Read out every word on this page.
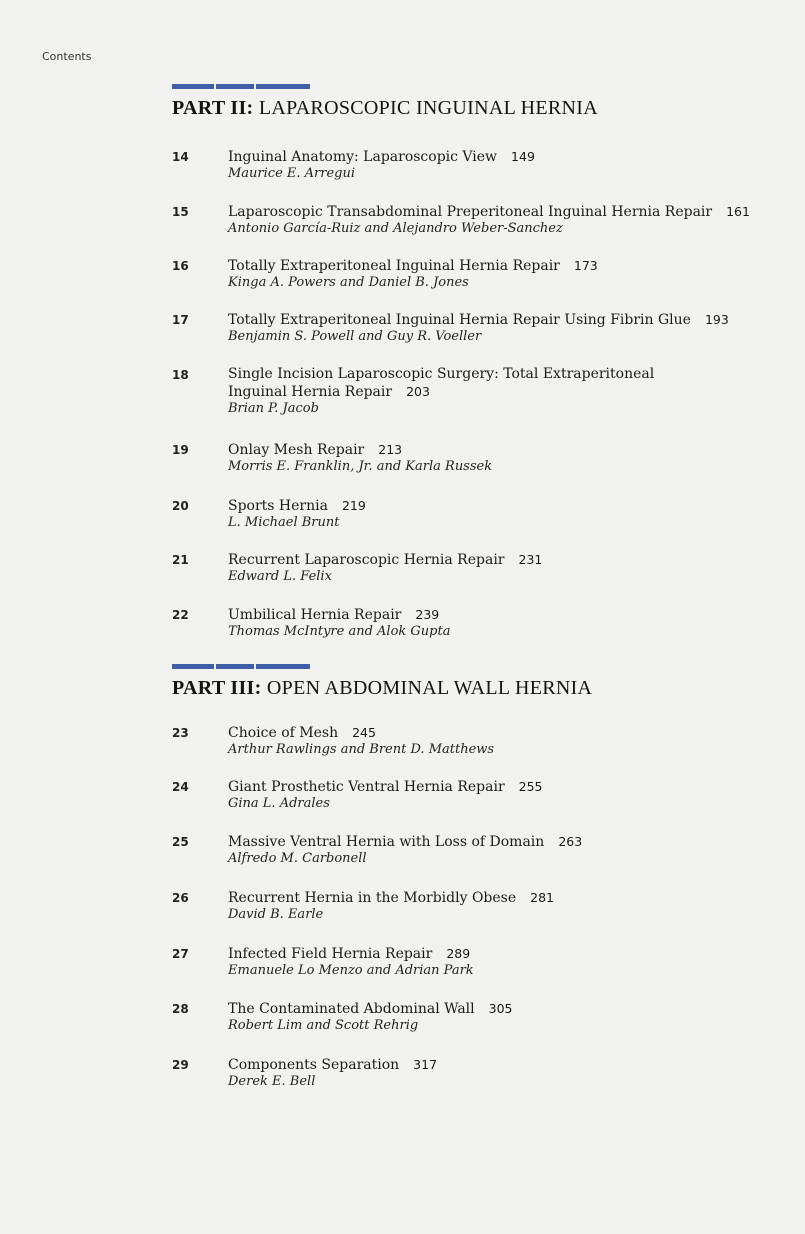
Contents
PART II: LAPAROSCOPIC INGUINAL HERNIA
14	Inguinal Anatomy: Laparoscopic View 149
Maurice E. Arregui
15	Laparoscopic Transabdominal Preperitoneal Inguinal Hernia Repair 161
Antonio García-Ruiz and Alejandro Weber-Sanchez
16	Totally Extraperitoneal Inguinal Hernia Repair 173
Kinga A. Powers and Daniel B. Jones
17	Totally Extraperitoneal Inguinal Hernia Repair Using Fibrin Glue 193
Benjamin S. Powell and Guy R. Voeller
18	Single Incision Laparoscopic Surgery: Total Extraperitoneal Inguinal Hernia Repair 203
Brian P. Jacob
19	Onlay Mesh Repair 213
Morris E. Franklin, Jr. and Karla Russek
20	Sports Hernia 219
L. Michael Brunt
21	Recurrent Laparoscopic Hernia Repair 231
Edward L. Felix
22	Umbilical Hernia Repair 239
Thomas McIntyre and Alok Gupta
PART III: OPEN ABDOMINAL WALL HERNIA
23	Choice of Mesh 245
Arthur Rawlings and Brent D. Matthews
24	Giant Prosthetic Ventral Hernia Repair 255
Gina L. Adrales
25	Massive Ventral Hernia with Loss of Domain 263
Alfredo M. Carbonell
26	Recurrent Hernia in the Morbidly Obese 281
David B. Earle
27	Infected Field Hernia Repair 289
Emanuele Lo Menzo and Adrian Park
28	The Contaminated Abdominal Wall 305
Robert Lim and Scott Rehrig
29	Components Separation 317
Derek E. Bell
